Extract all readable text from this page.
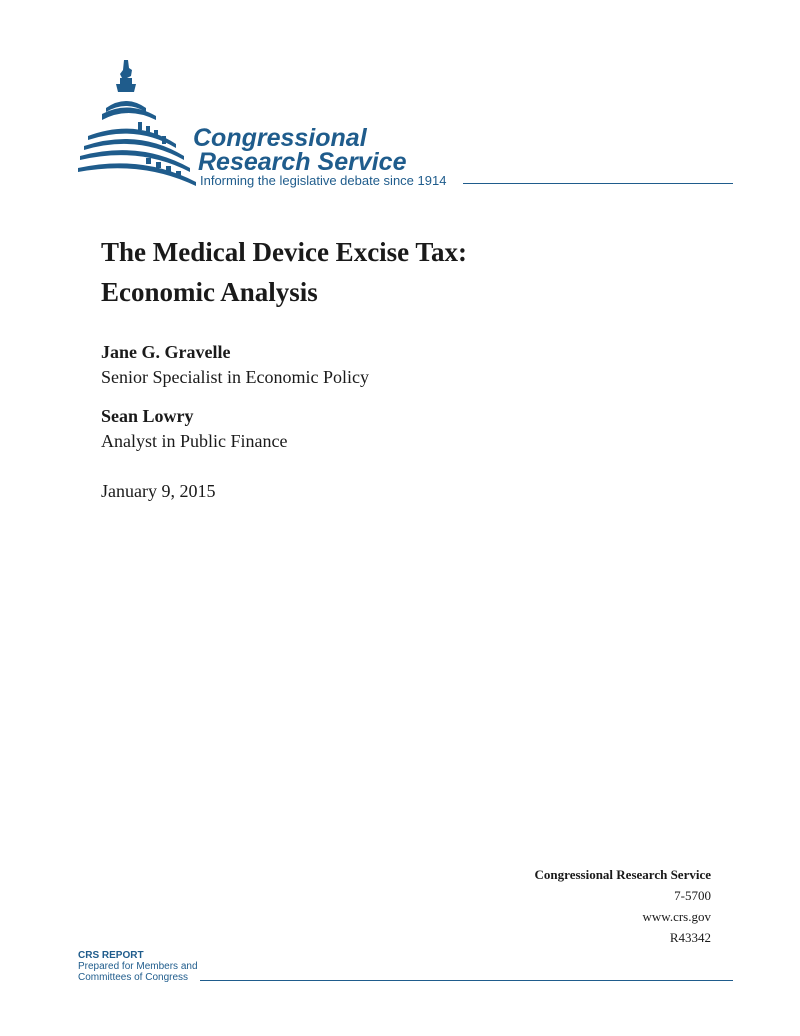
Congressional
Research Service
Informing the legislative debate since 1914
The Medical Device Excise Tax:
Economic Analysis
Jane G. Gravelle
Senior Specialist in Economic Policy
Sean Lowry
Analyst in Public Finance
January 9, 2015
Congressional Research Service
7-5700
www.crs.gov
R43342
CRS REPORT
Prepared for Members and
Committees of Congress
